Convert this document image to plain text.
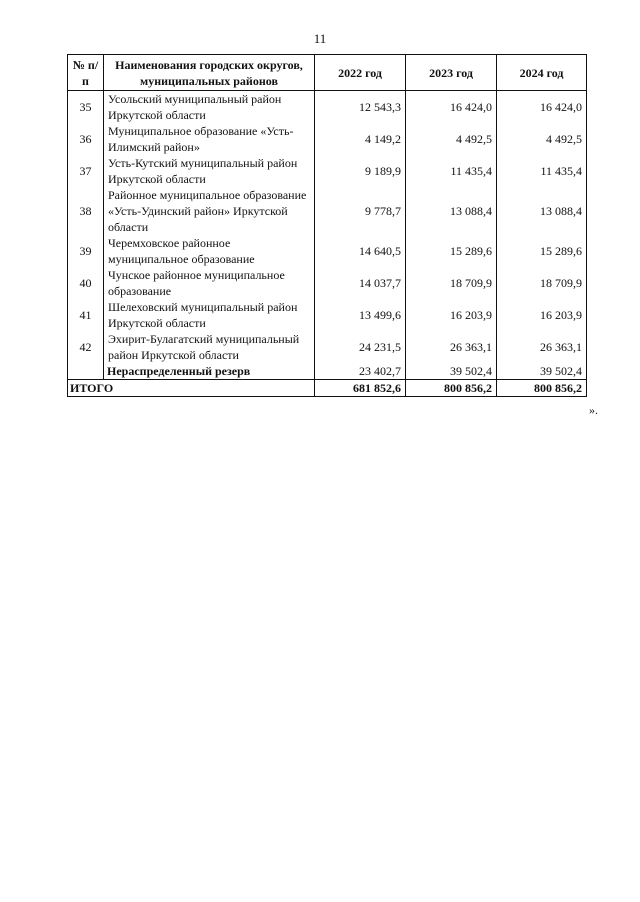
11
№ п/п	Наименования городских округов, муниципальных районов	2022 год	2023 год	2024 год
35	Усольский муниципальный район Иркутской области	12 543,3	16 424,0	16 424,0
36	Муниципальное образование «Усть-Илимский район»	4 149,2	4 492,5	4 492,5
37	Усть-Кутский муниципальный район Иркутской области	9 189,9	11 435,4	11 435,4
38	Районное муниципальное образование «Усть-Удинский район» Иркутской области	9 778,7	13 088,4	13 088,4
39	Черемховское районное муниципальное образование	14 640,5	15 289,6	15 289,6
40	Чунское районное муниципальное образование	14 037,7	18 709,9	18 709,9
41	Шелеховский муниципальный район Иркутской области	13 499,6	16 203,9	16 203,9
42	Эхирит-Булагатский муниципальный район Иркутской области	24 231,5	26 363,1	26 363,1
	Нераспределенный резерв	23 402,7	39 502,4	39 502,4
ИТОГО		681 852,6	800 856,2	800 856,2
».
